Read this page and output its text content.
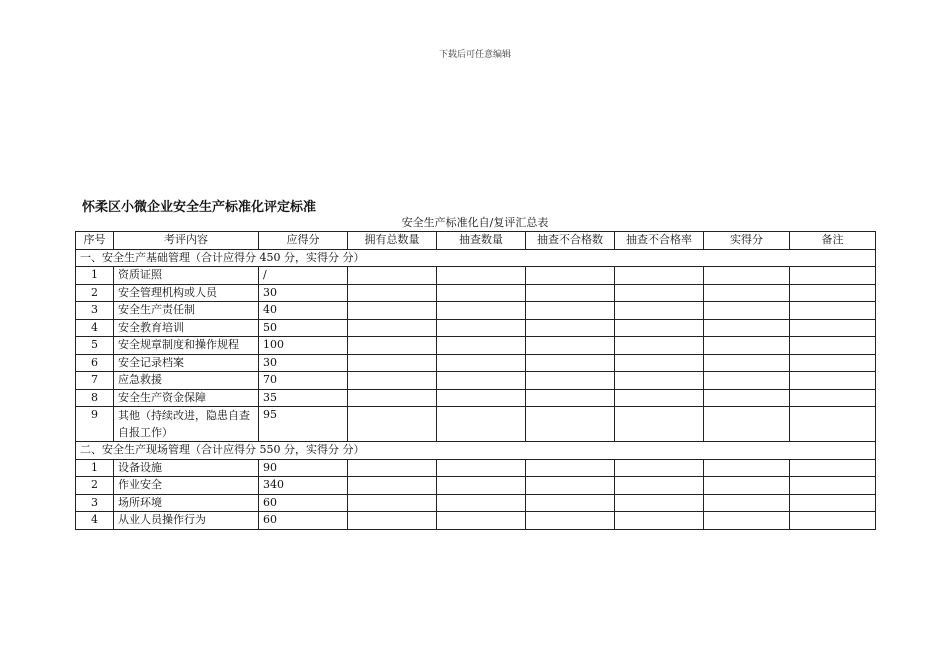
下载后可任意编辑
怀柔区小微企业安全生产标准化评定标准
安全生产标准化自/复评汇总表
序号	考评内容	应得分	拥有总数量	抽查数量	抽查不合格数	抽查不合格率	实得分	备注
一、安全生产基础管理（合计应得分 450 分，实得分 分）								
1	资质证照	/						
2	安全管理机构或人员	30						
3	安全生产责任制	40						
4	安全教育培训	50						
5	安全规章制度和操作规程	100						
6	安全记录档案	30						
7	应急救援	70						
8	安全生产资金保障	35						
9	其他（持续改进，隐患自查自报工作）	95						
二、安全生产现场管理（合计应得分 550 分，实得分 分）								
1	设备设施	90						
2	作业安全	340						
3	场所环境	60						
4	从业人员操作行为	60						
